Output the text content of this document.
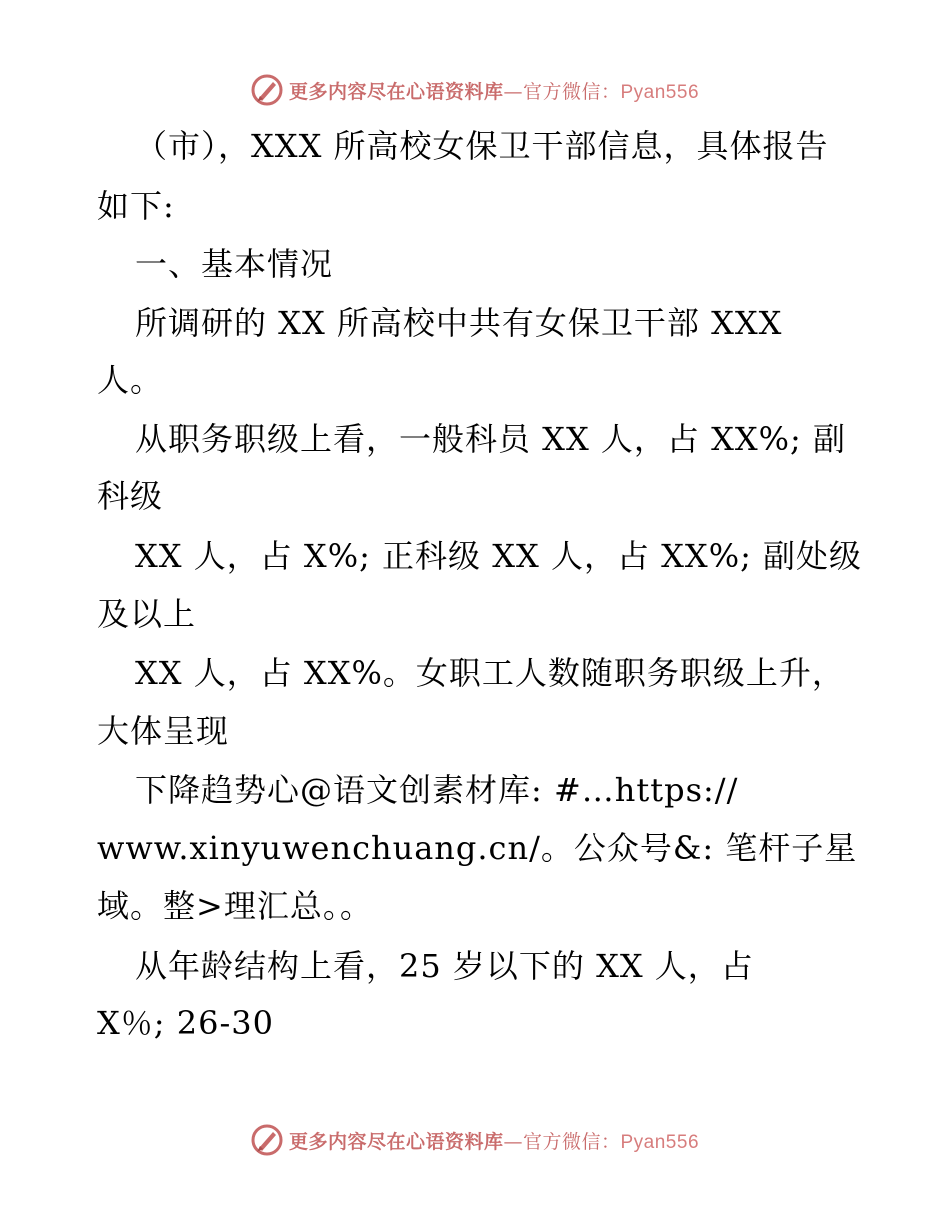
更多内容尽在心语资料库—官方微信：Pyan556
（市），XXX 所高校女保卫干部信息，具体报告
如下:
一、基本情况
所调研的 XX 所高校中共有女保卫干部 XXX
人。
从职务职级上看，一般科员 XX 人，占 XX%; 副
科级
XX 人，占 X%; 正科级 XX 人，占 XX%; 副处级
及以上
XX 人，占 XX%。女职工人数随职务职级上升，
大体呈现
下降趋势心@语文创素材库: #…https://
www.xinyuwenchuang.cn/。公众号&: 笔杆子星
域。整>理汇总。。
从年龄结构上看，25 岁以下的 XX 人，占
X％; 26-30
更多内容尽在心语资料库—官方微信：Pyan556
